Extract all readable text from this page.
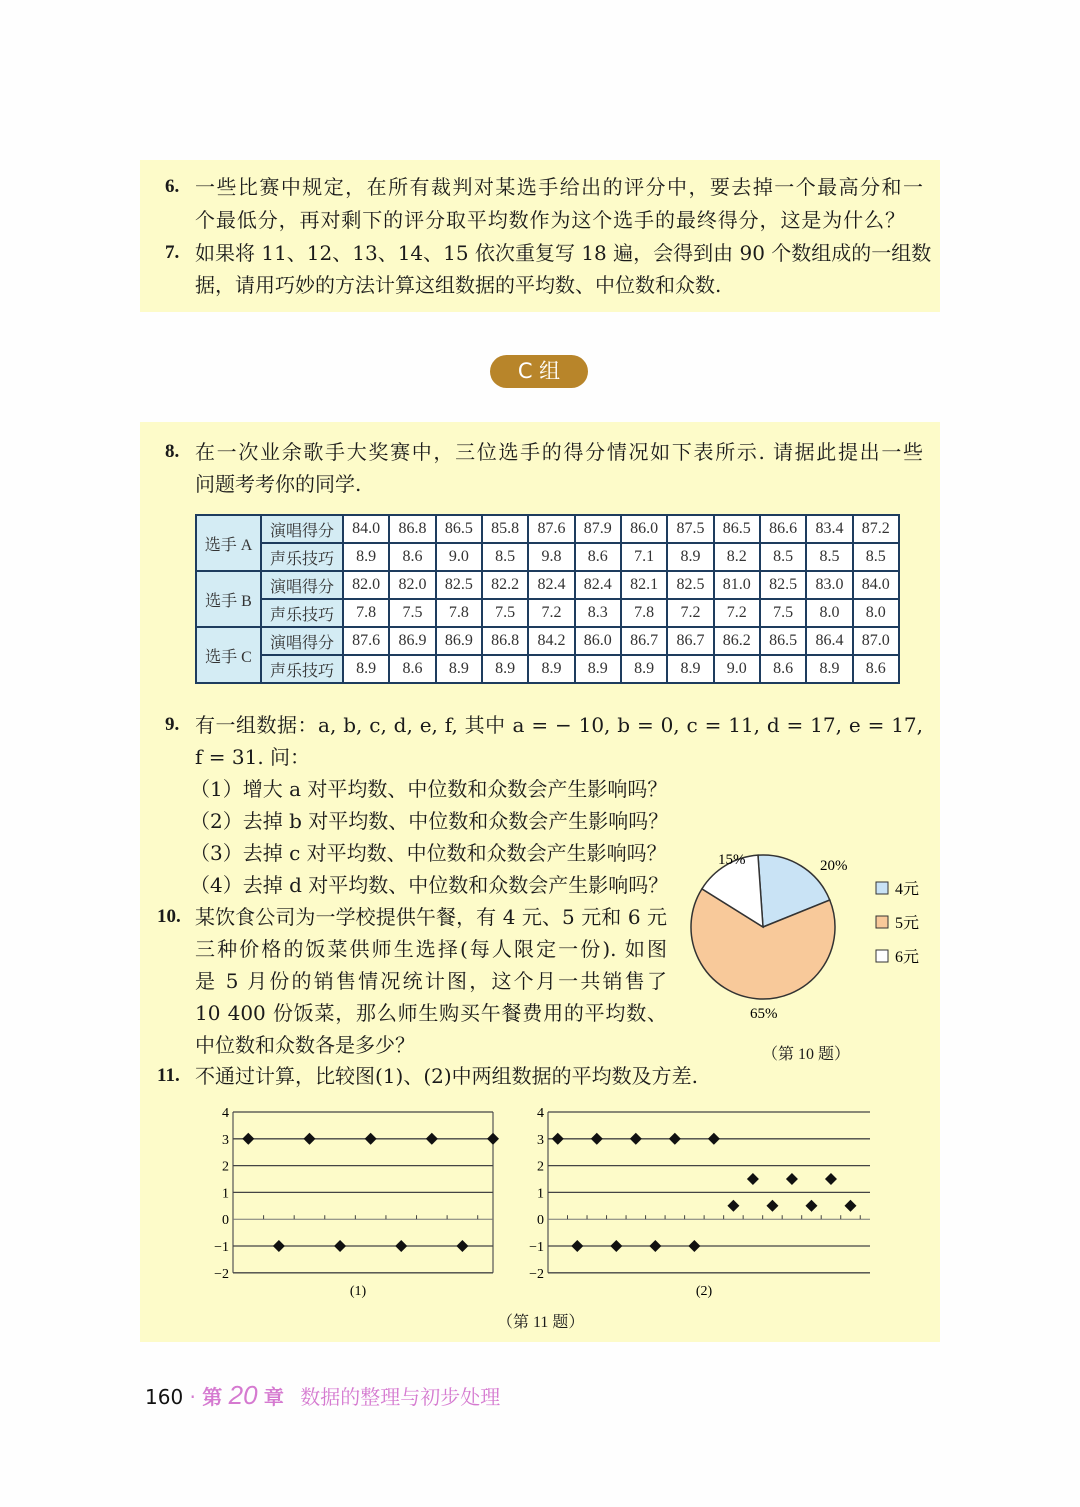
6. 一些比赛中规定，在所有裁判对某选手给出的评分中，要去掉一个最高分和一
个最低分，再对剩下的评分取平均数作为这个选手的最终得分，这是为什么？
7. 如果将 11、12、13、14、15 依次重复写 18 遍，会得到由 90 个数组成的一组数
据，请用巧妙的方法计算这组数据的平均数、中位数和众数.
C 组
8. 在一次业余歌手大奖赛中，三位选手的得分情况如下表所示. 请据此提出一些
问题考考你的同学.
选手 A	演唱得分	84.0	86.8	86.5	85.8	87.6	87.9	86.0	87.5	86.5	86.6	83.4	87.2
	声乐技巧	8.9	8.6	9.0	8.5	9.8	8.6	7.1	8.9	8.2	8.5	8.5	8.5
选手 B	演唱得分	82.0	82.0	82.5	82.2	82.4	82.4	82.1	82.5	81.0	82.5	83.0	84.0
	声乐技巧	7.8	7.5	7.8	7.5	7.2	8.3	7.8	7.2	7.2	7.5	8.0	8.0
选手 C	演唱得分	87.6	86.9	86.9	86.8	84.2	86.0	86.7	86.7	86.2	86.5	86.4	87.0
	声乐技巧	8.9	8.6	8.9	8.9	8.9	8.9	8.9	8.9	9.0	8.6	8.9	8.6
9. 有一组数据：a, b, c, d, e, f, 其中 a = − 10, b = 0, c = 11, d = 17, e = 17,
f = 31. 问：
（1）增大 a 对平均数、中位数和众数会产生影响吗？
（2）去掉 b 对平均数、中位数和众数会产生影响吗？
（3）去掉 c 对平均数、中位数和众数会产生影响吗？
（4）去掉 d 对平均数、中位数和众数会产生影响吗？
10. 某饮食公司为一学校提供午餐，有 4 元、5 元和 6 元
三种价格的饭菜供师生选择(每人限定一份). 如图
是 5 月份的销售情况统计图，这个月一共销售了
10 400 份饭菜，那么师生购买午餐费用的平均数、
中位数和众数各是多少？
20%
4元
65%
5元
15%
6元
（第 10 题）
11. 不通过计算，比较图(1)、(2)中两组数据的平均数及方差.
4
3
2
1
0
−1
−2
(1)
4
3
2
1
0
−1
−2
(2)
（第 11 题）
160 · 第 20 章 数据的整理与初步处理
